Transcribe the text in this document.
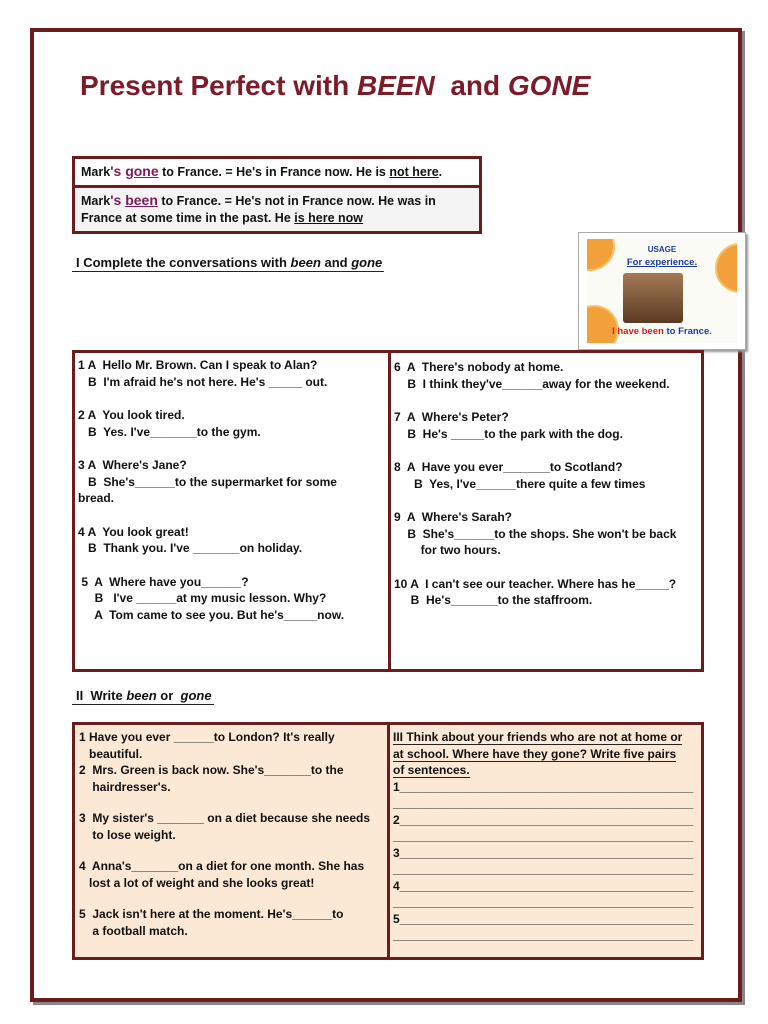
Present Perfect with BEEN  and GONE
Mark's gone to France. = He's in France now. He is not here.
Mark's been to France. = He's not in France now. He was in France at some time in the past. He is here now
I Complete the conversations with been and gone
USAGE
For experience.
I have been to France.
1 A  Hello Mr. Brown. Can I speak to Alan?
B  I'm afraid he's not here. He's _____ out.
2 A  You look tired.
B  Yes. I've_______to the gym.
3 A  Where's Jane?
B  She's______to the supermarket for some
bread.
4 A  You look great!
B  Thank you. I've _______on holiday.
5  A  Where have you______?
B   I've ______at my music lesson. Why?
A  Tom came to see you. But he's_____now.
6  A  There's nobody at home.
B  I think they've______away for the weekend.
7  A  Where's Peter?
B  He's _____to the park with the dog.
8  A  Have you ever_______to Scotland?
B  Yes, I've______there quite a few times
9  A  Where's Sarah?
B  She's______to the shops. She won't be back
for two hours.
10 A  I can't see our teacher. Where has he_____?
B  He's_______to the staffroom.
II  Write been or  gone
1 Have you ever ______to London? It's really
beautiful.
2  Mrs. Green is back now. She's_______to the
hairdresser's.
3  My sister's _______ on a diet because she needs
to lose weight.
4  Anna's_______on a diet for one month. She has
lost a lot of weight and she looks great!
5  Jack isn't here at the moment. He's______to
a football match.
III Think about your friends who are not at home or
at school. Where have they gone? Write five pairs
of sentences.
1____________________________________________
_____________________________________________
2____________________________________________
_____________________________________________
3____________________________________________
_____________________________________________
4____________________________________________
_____________________________________________
5____________________________________________
_____________________________________________
